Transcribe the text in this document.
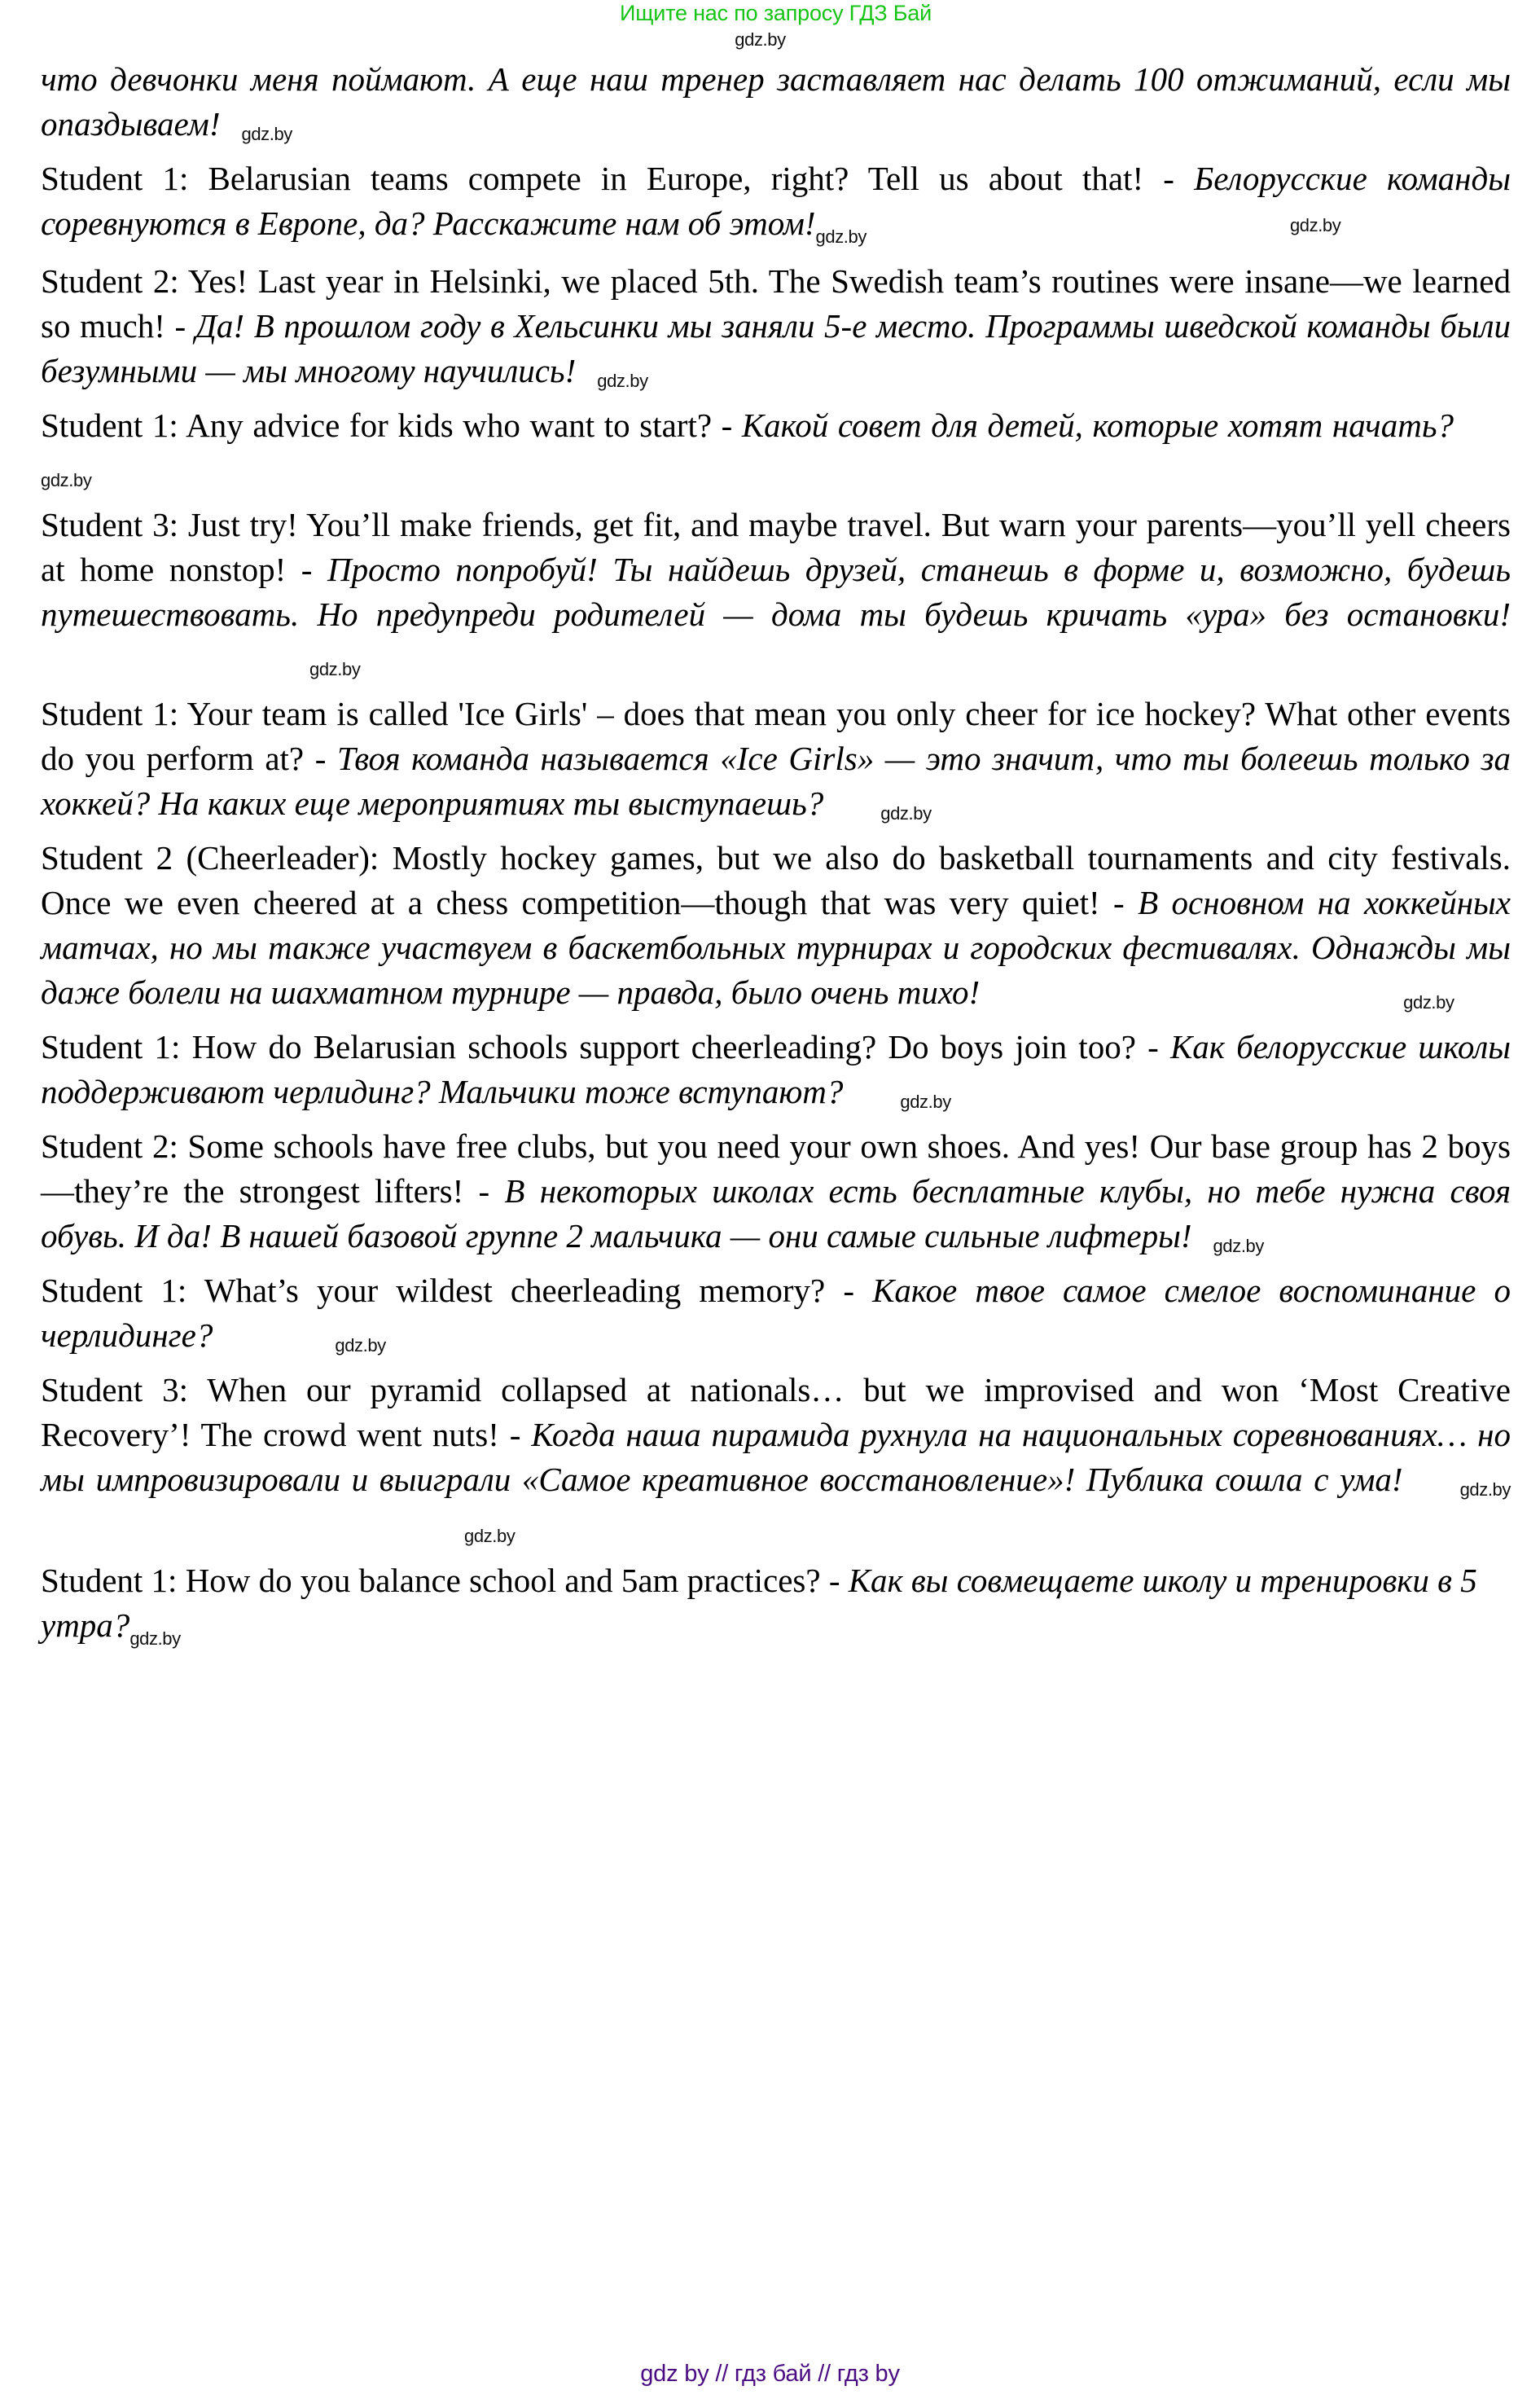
Ищите нас по запросу ГДЗ Бай
gdz.by

что девчонки меня поймают. А еще наш тренер заставляет нас делать 100 отжиманий, если мы опаздываем! gdz.by

Student 1: Belarusian teams compete in Europe, right? Tell us about that! - Белорусские команды соревнуются в Европе, да? Расскажите нам об $этом!_{gdz.by}gdz.by$

Student 2: Yes! Last year in Helsinki, we placed 5th. The Swedish team’s routines were insane—we learned so much! - Да! В прошлом году в Хельсинки мы заняли 5-е место. Программы шведской команды были безумными — мы многому научились! gdz.by

Student 1: Any advice for kids who want to start? - Какой совет для детей, которые хотят начать?gdz.by

Student 3: Just try! You’ll make friends, get fit, and maybe travel. But warn your parents—you’ll yell cheers at home nonstop! - Просто попробуй! Ты найдешь друзей, станешь в форме и, возможно, будешь путешествовать. Но предупреди родителей — дома ты будешь кричать «ура» без остановки!gdz.by

Student 1: Your team is called 'Ice Girls' – does that mean you only cheer for ice hockey? What other events do you perform at? - Твоя команда называется «Ice Girls» — это значит, что ты болеешь только за хоккей? На каких еще мероприятиях ты выступаешь?	gdz.by

Student 2 (Cheerleader): Mostly hockey games, but we also do basketball tournaments and city festivals. Once we even cheered at a chess competition—though that was very quiet! - В основном на хоккейных матчах, но мы также участвуем в баскетбольных турнирах и городских фестивалях. Однажды мы даже болели на шахматном турнире — правда, было очень тихо!	gdz.by

Student 1: How do Belarusian schools support cheerleading? Do boys join too? - Как белорусские школы поддерживают черлидинг? Мальчики тоже вступают?	gdz.by

Student 2: Some schools have free clubs, but you need your own shoes. And yes! Our base group has 2 boys—they’re the strongest lifters! - В некоторых школах есть бесплатные клубы, но тебе нужна своя обувь. И да! В нашей базовой группе 2 мальчика — они самые сильные лифтеры! gdz.by

Student 1: What’s your wildest cheerleading memory? - Какое твое самое смелое воспоминание о черлидинге?	gdz.by

Student 3: When our pyramid collapsed at nationals… but we improvised and won ‘Most Creative Recovery’! The crowd went nuts! - Когда наша пирамида рухнула на национальных соревнованиях… но мы импровизировали и выиграли «Самое креативное восстановление»! Публика сошла с ума!	gdz.bygdz.by

Student 1: How do you balance school and 5am practices? - Как вы совмещаете школу и тренировки в 5 $утра?_{gdz.by}$

gdz by // гдз бай // гдз by
